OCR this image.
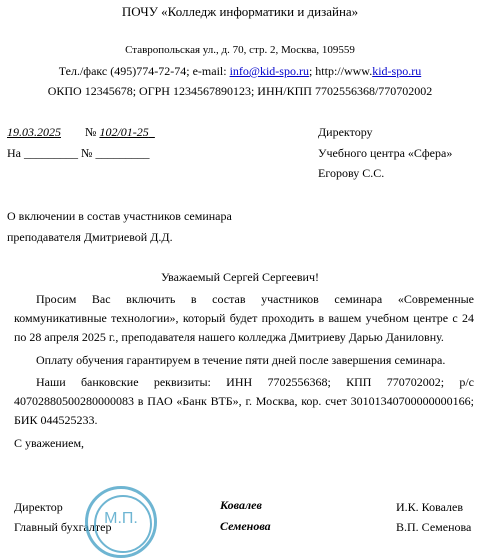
ПОЧУ «Колледж информатики и дизайна»
Ставропольская ул., д. 70, стр. 2, Москва, 109559
Тел./факс (495)774-72-74; e-mail: info@kid-spo.ru; http://www.kid-spo.ru
ОКПО 12345678; ОГРН 1234567890123; ИНН/КПП 7702556368/770702002
19.03.2025 № 102/01-25_
На _________ № _________
Директору
Учебного центра «Сфера»
Егорову С.С.
О включении в состав участников семинара
преподавателя Дмитриевой Д.Д.
Уважаемый Сергей Сергеевич!
Просим Вас включить в состав участников семинара «Современные коммуникативные технологии», который будет проходить в вашем учебном центре с 24 по 28 апреля 2025 г., преподавателя нашего колледжа Дмитриеву Дарью Даниловну.
Оплату обучения гарантируем в течение пяти дней после завершения семинара.
Наши банковские реквизиты: ИНН 7702556368; КПП 770702002; р/с 40702880500280000083 в ПАО «Банк ВТБ», г. Москва, кор. счет 30101340700000000166; БИК 044525233.
С уважением,
Директор	Ковалев	И.К. Ковалев
Главный бухгалтер	Семенова	В.П. Семенова
М.П.
